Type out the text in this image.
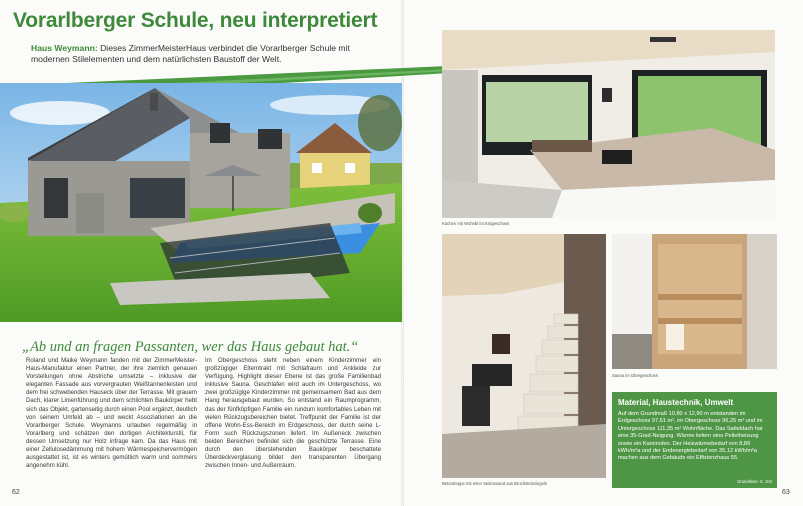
Vorarlberger Schule, neu interpretiert

Haus Weymann: Dieses ZimmerMeisterHaus verbindet die Vorarlberger Schule mit modernen Stilelementen und dem natürlichsten Baustoff der Welt.

„Ab und an fragen Passanten, wer das Haus gebaut hat.“

Roland und Maike Weymann fanden mit der ZimmerMeister-Haus-Manufaktur einen Partner, der ihre ziemlich genauen Vorstellungen ohne Abstriche umsetzte – inklusive der eleganten Fassade aus vorvergrauten Weißtannenleisten und dem frei schwebenden Hauseck über der Terrasse. Mit grauem Dach, klarer Linienführung und dem schlichten Baukörper hebt sich das Objekt, gartenseitig durch einen Pool ergänzt, deutlich von seinem Umfeld ab – und weckt Assoziationen an die Vorarlberger Schule. Weymanns urlauben regelmäßig in Vorarlberg und schätzen den dortigen Architekturstil, für dessen Umsetzung nur Holz infrage kam. Da das Haus mit einer Zellulosedämmung mit hohem Wärmespeichervermögen ausgestattet ist, ist es winters gemütlich warm und sommers angenehm kühl.

Im Obergeschoss steht neben einem Kinderzimmer ein großzügiger Elterntrakt mit Schlafraum und Ankleide zur Verfügung. Highlight dieser Ebene ist das große Familienbad inklusive Sauna. Geschlafen wird auch im Untergeschoss, wo zwei großzügige Kinderzimmer mit gemeinsamem Bad aus dem Hang herausgebaut wurden. So entstand ein Raumprogramm, das der fünfköpfigen Familie ein rundum komfortables Leben mit vielen Rückzugsbereichen bietet. Treffpunkt der Familie ist der offene Wohn-Ess-Bereich im Erdgeschoss, der durch seine L-Form such Rückzugszonen liefert. Im Außeneck zwischen beiden Bereichen befindet sich die geschützte Terrasse. Eine durch den überstehenden Baukörper beschattete Überdeckverglasung bildet den transparenten Übergang zwischen Innen- und Außenraum.

62
Küchen mit Wohnbl im Erdgeschoss
Betontreppe mit einer Seitenwand aus Bruchsteinziegeln
Sauna im Obergeschoss
Material, Haustechnik, Umwelt

Auf dem Grundmaß 10,80 x 12,90 m entstanden im Erdgeschoss 97,61 m², im Obergeschoss 96,25 m² und im Untergeschoss 111,35 m² Wohnfläche. Das Satteldach hat eine 35-Grad-Neigung. Wärme liefern eine Pelletheizung sowie ein Kaminofen. Der Heizwärmebedarf von 8,89 kWh/m²a und der Endenergiebedarf von 35,12 kWh/m²a machen aus dem Gebäude ein Effizienzhaus 55.

Grundrisse: S. 104
63
